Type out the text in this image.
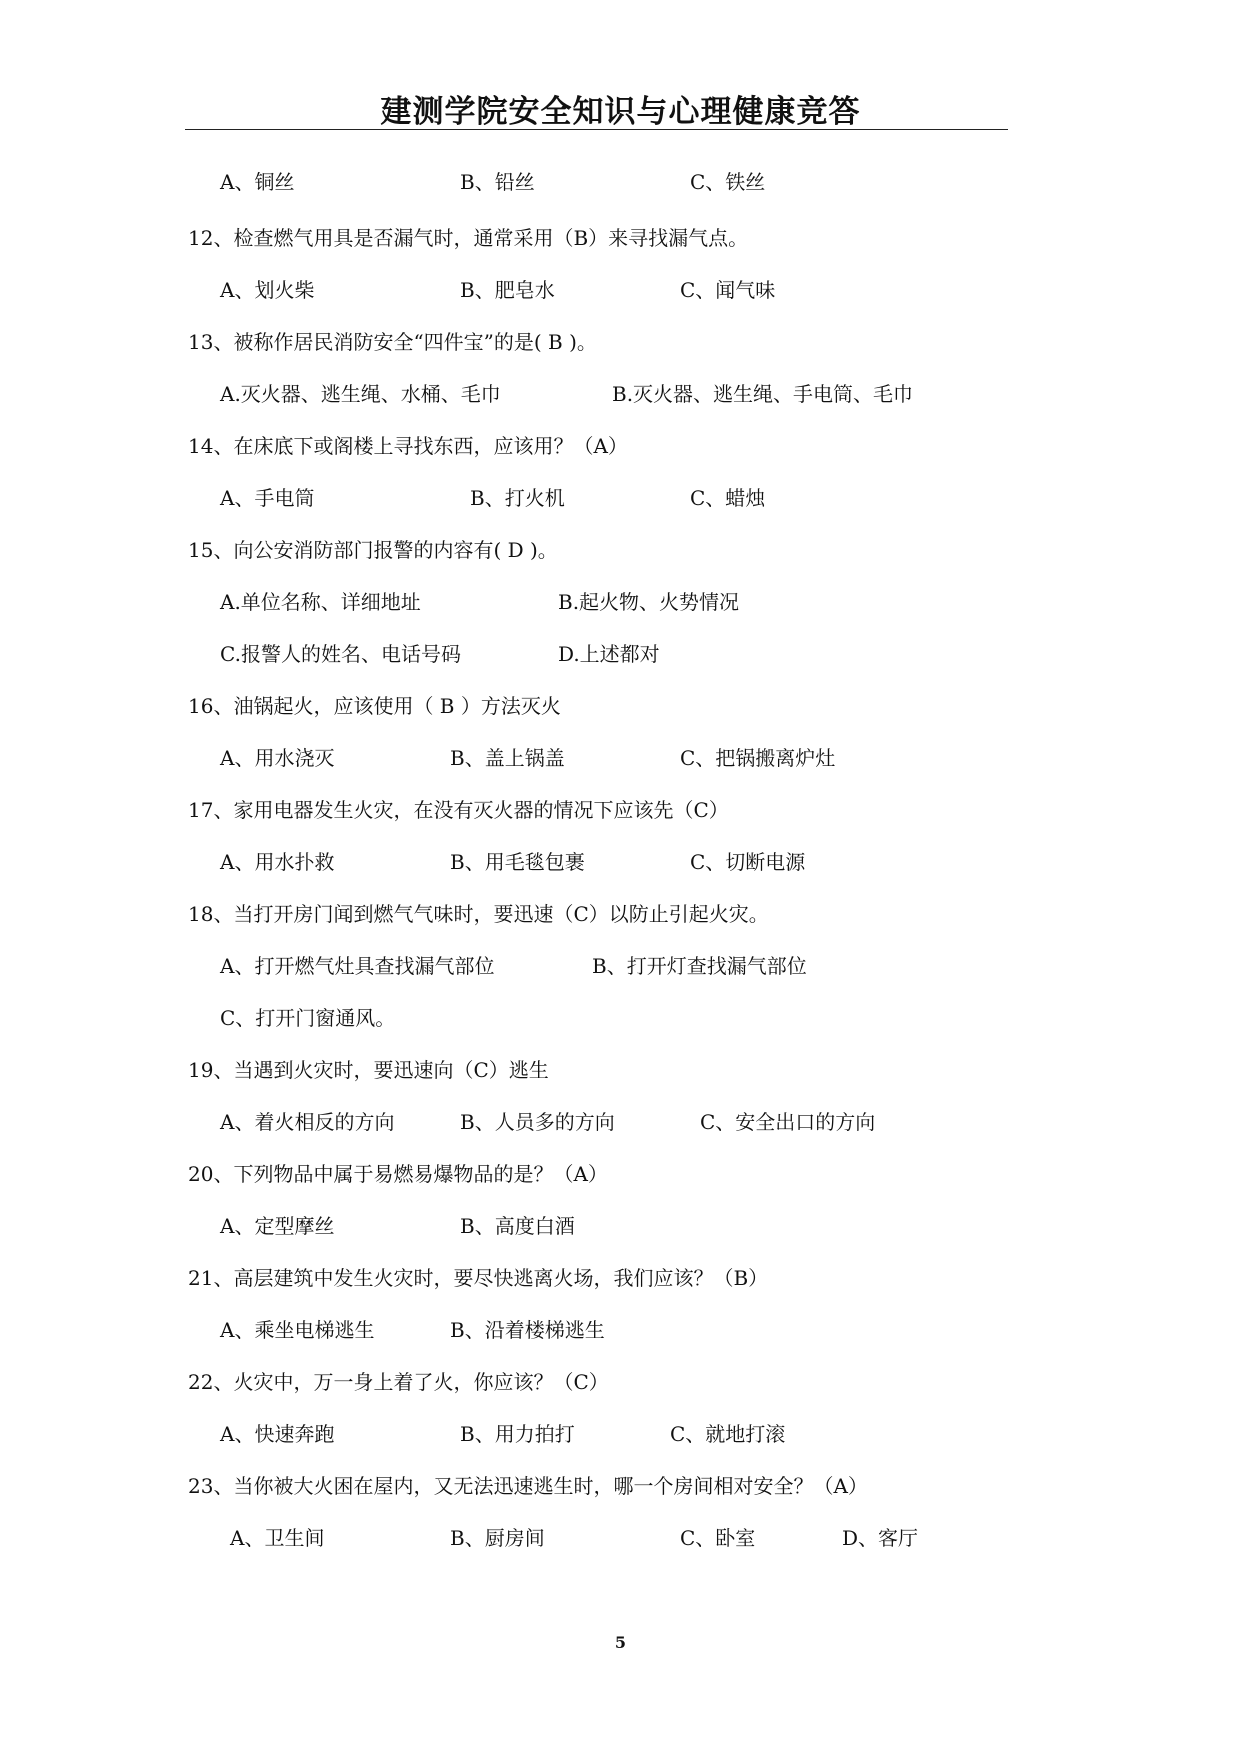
建测学院安全知识与心理健康竞答
A、铜丝	B、铅丝	C、铁丝
12、检查燃气用具是否漏气时，通常采用（B）来寻找漏气点。
A、划火柴	B、肥皂水	C、闻气味
13、被称作居民消防安全“四件宝”的是( B )。
A.灭火器、逃生绳、水桶、毛巾	B.灭火器、逃生绳、手电筒、毛巾
14、在床底下或阁楼上寻找东西，应该用？（A）
A、手电筒	B、打火机	C、蜡烛
15、向公安消防部门报警的内容有( D )。
A.单位名称、详细地址	B.起火物、火势情况
C.报警人的姓名、电话号码	D.上述都对
16、油锅起火，应该使用（ B ）方法灭火
A、用水浇灭	B、盖上锅盖	C、把锅搬离炉灶
17、家用电器发生火灾，在没有灭火器的情况下应该先（C）
A、用水扑救	B、用毛毯包裹	C、切断电源
18、当打开房门闻到燃气气味时，要迅速（C）以防止引起火灾。
A、打开燃气灶具查找漏气部位	B、打开灯查找漏气部位
C、打开门窗通风。
19、当遇到火灾时，要迅速向（C）逃生
A、着火相反的方向	B、人员多的方向	C、安全出口的方向
20、下列物品中属于易燃易爆物品的是？（A）
A、定型摩丝	B、高度白酒
21、高层建筑中发生火灾时，要尽快逃离火场，我们应该？（B）
A、乘坐电梯逃生	B、沿着楼梯逃生
22、火灾中，万一身上着了火，你应该？（C）
A、快速奔跑	B、用力拍打	C、就地打滚
23、当你被大火困在屋内，又无法迅速逃生时，哪一个房间相对安全？（A）
A、卫生间	B、厨房间	C、卧室	D、客厅
5
